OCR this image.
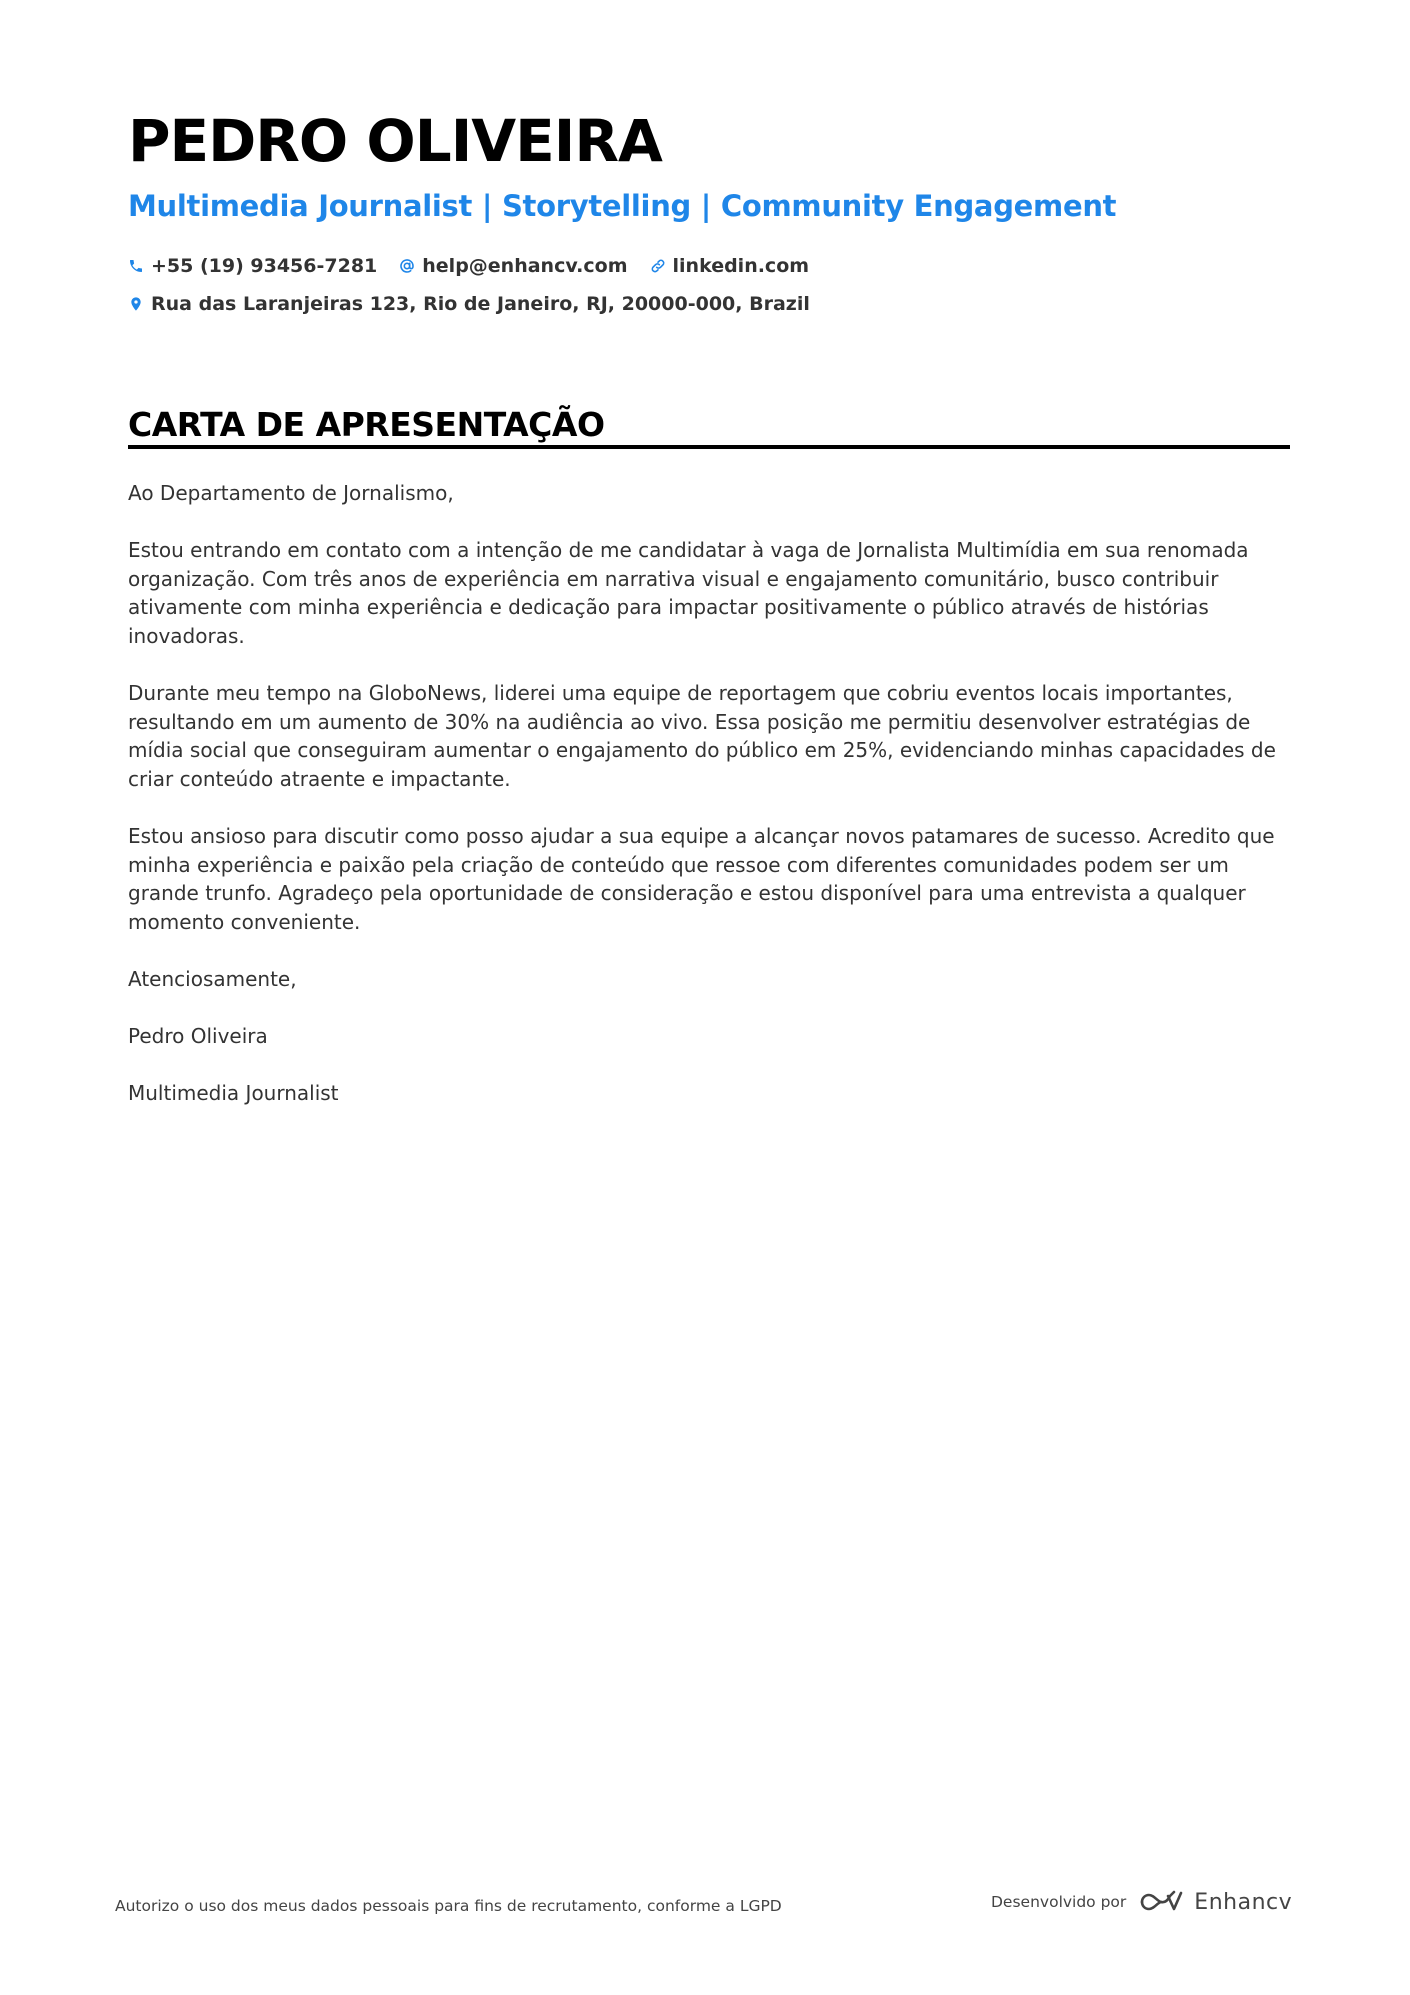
PEDRO OLIVEIRA
Multimedia Journalist | Storytelling | Community Engagement
+55 (19) 93456-7281 help@enhancv.com linkedin.com
Rua das Laranjeiras 123, Rio de Janeiro, RJ, 20000-000, Brazil
CARTA DE APRESENTAÇÃO

Ao Departamento de Jornalismo,

Estou entrando em contato com a intenção de me candidatar à vaga de Jornalista Multimídia em sua renomada organização. Com três anos de experiência em narrativa visual e engajamento comunitário, busco contribuir ativamente com minha experiência e dedicação para impactar positivamente o público através de histórias inovadoras.

Durante meu tempo na GloboNews, liderei uma equipe de reportagem que cobriu eventos locais importantes, resultando em um aumento de 30% na audiência ao vivo. Essa posição me permitiu desenvolver estratégias de mídia social que conseguiram aumentar o engajamento do público em 25%, evidenciando minhas capacidades de criar conteúdo atraente e impactante.

Estou ansioso para discutir como posso ajudar a sua equipe a alcançar novos patamares de sucesso. Acredito que minha experiência e paixão pela criação de conteúdo que ressoe com diferentes comunidades podem ser um grande trunfo. Agradeço pela oportunidade de consideração e estou disponível para uma entrevista a qualquer momento conveniente.

Atenciosamente,

Pedro Oliveira

Multimedia Journalist

Autorizo o uso dos meus dados pessoais para fins de recrutamento, conforme a LGPD	Desenvolvido por	Enhancv
